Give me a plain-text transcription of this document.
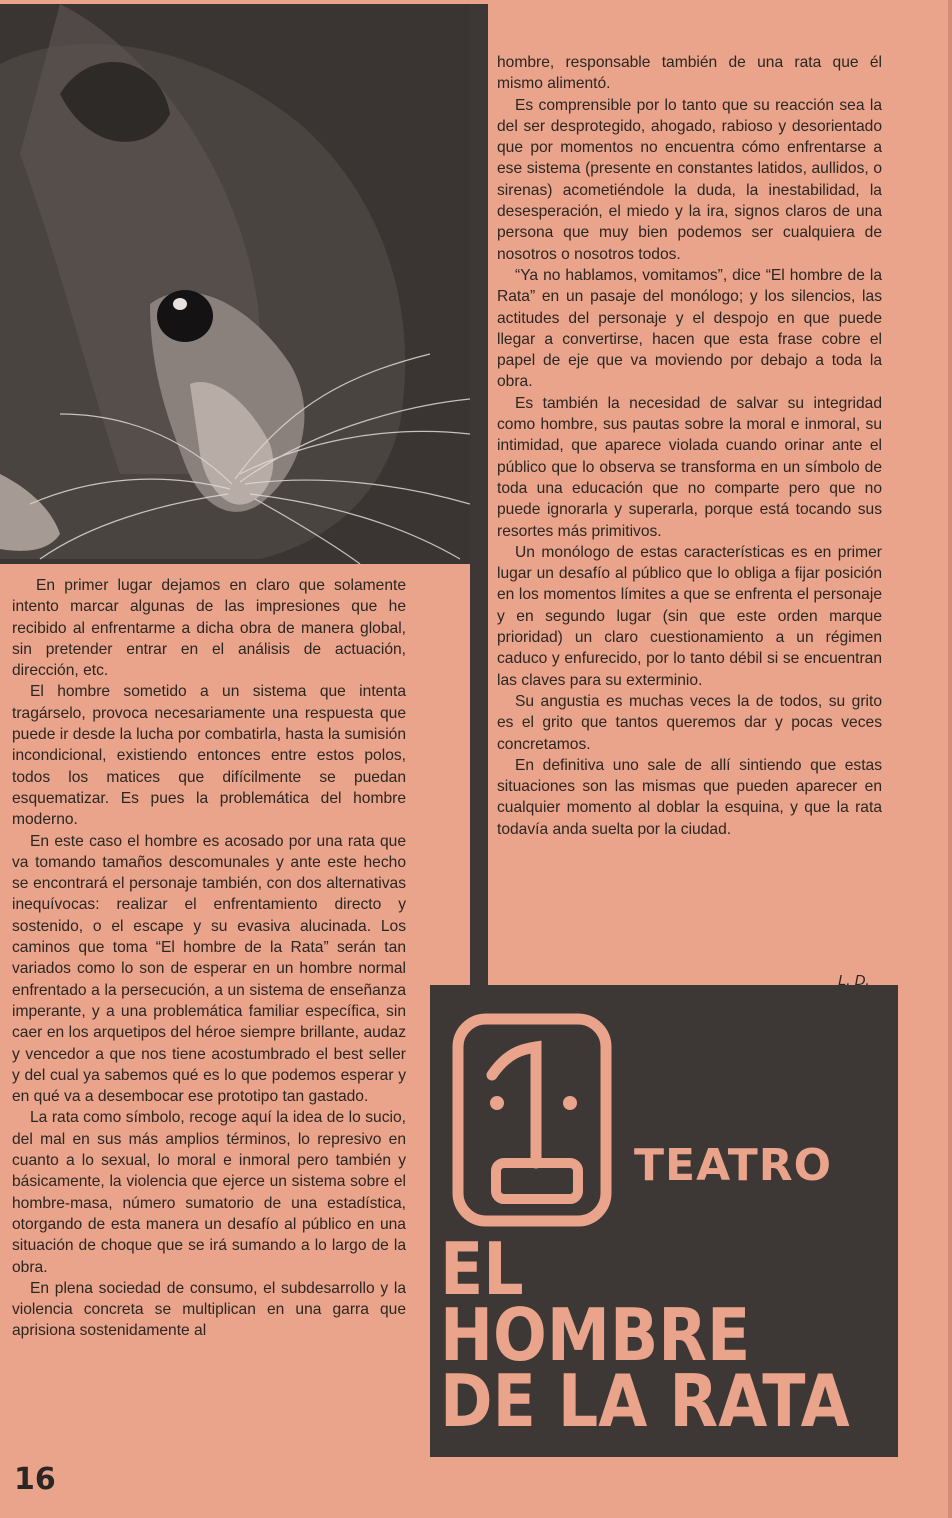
hombre, responsable también de una rata que él mismo alimentó.

Es comprensible por lo tanto que su reacción sea la del ser desprotegido, ahogado, rabioso y desorientado que por momentos no encuentra cómo enfrentarse a ese sistema (presente en constantes latidos, aullidos, o sirenas) acometiéndole la duda, la inestabilidad, la desesperación, el miedo y la ira, signos claros de una persona que muy bien podemos ser cualquiera de nosotros o nosotros todos.

“Ya no hablamos, vomitamos”, dice “El hombre de la Rata” en un pasaje del monólogo; y los silencios, las actitudes del personaje y el despojo en que puede llegar a convertirse, hacen que esta frase cobre el papel de eje que va moviendo por debajo a toda la obra.

Es también la necesidad de salvar su integridad como hombre, sus pautas sobre la moral e inmoral, su intimidad, que aparece violada cuando orinar ante el público que lo observa se transforma en un símbolo de toda una educación que no comparte pero que no puede ignorarla y superarla, porque está tocando sus resortes más primitivos.

Un monólogo de estas características es en primer lugar un desafío al público que lo obliga a fijar posición en los momentos límites a que se enfrenta el personaje y en segundo lugar (sin que este orden marque prioridad) un claro cuestionamiento a un régimen caduco y enfurecido, por lo tanto débil si se encuentran las claves para su exterminio.

Su angustia es muchas veces la de todos, su grito es el grito que tantos queremos dar y pocas veces concretamos.

En definitiva uno sale de allí sintiendo que estas situaciones son las mismas que pueden aparecer en cualquier momento al doblar la esquina, y que la rata todavía anda suelta por la ciudad.

L. D.

En primer lugar dejamos en claro que solamente intento marcar algunas de las impresiones que he recibido al enfrentarme a dicha obra de manera global, sin pretender entrar en el análisis de actuación, dirección, etc.

El hombre sometido a un sistema que intenta tragárselo, provoca necesariamente una respuesta que puede ir desde la lucha por combatirla, hasta la sumisión incondicional, existiendo entonces entre estos polos, todos los matices que difícilmente se puedan esquematizar. Es pues la problemática del hombre moderno.

En este caso el hombre es acosado por una rata que va tomando tamaños descomunales y ante este hecho se encontrará el personaje también, con dos alternativas inequívocas: realizar el enfrentamiento directo y sostenido, o el escape y su evasiva alucinada. Los caminos que toma “El hombre de la Rata” serán tan variados como lo son de esperar en un hombre normal enfrentado a la persecución, a un sistema de enseñanza imperante, y a una problemática familiar específica, sin caer en los arquetipos del héroe siempre brillante, audaz y vencedor a que nos tiene acostumbrado el best seller y del cual ya sabemos qué es lo que podemos esperar y en qué va a desembocar ese prototipo tan gastado.

La rata como símbolo, recoge aquí la idea de lo sucio, del mal en sus más amplios términos, lo represivo en cuanto a lo sexual, lo moral e inmoral pero también y básicamente, la violencia que ejerce un sistema sobre el hombre-masa, número sumatorio de una estadística, otorgando de esta manera un desafío al público en una situación de choque que se irá sumando a lo largo de la obra.

En plena sociedad de consumo, el subdesarrollo y la violencia concreta se multiplican en una garra que aprisiona sostenidamente al

TEATRO
EL
HOMBRE
DE LA RATA
16
